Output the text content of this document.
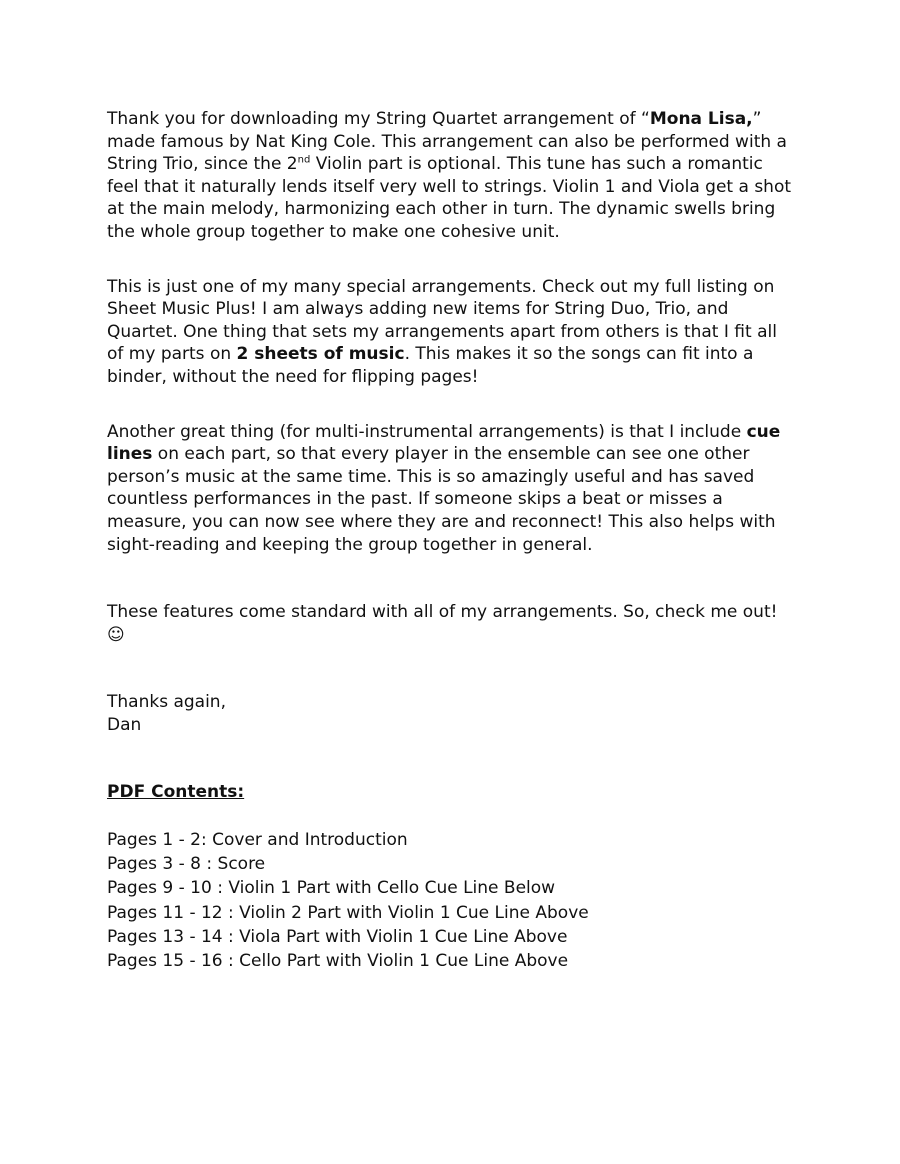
Thank you for downloading my String Quartet arrangement of “Mona Lisa,” made famous by Nat King Cole. This arrangement can also be performed with a String Trio, since the 2nd Violin part is optional. This tune has such a romantic feel that it naturally lends itself very well to strings. Violin 1 and Viola get a shot at the main melody, harmonizing each other in turn. The dynamic swells bring the whole group together to make one cohesive unit.

This is just one of my many special arrangements. Check out my full listing on Sheet Music Plus! I am always adding new items for String Duo, Trio, and Quartet. One thing that sets my arrangements apart from others is that I fit all of my parts on 2 sheets of music. This makes it so the songs can fit into a binder, without the need for flipping pages!

Another great thing (for multi-instrumental arrangements) is that I include cue lines on each part, so that every player in the ensemble can see one other person’s music at the same time. This is so amazingly useful and has saved countless performances in the past. If someone skips a beat or misses a measure, you can now see where they are and reconnect! This also helps with sight-reading and keeping the group together in general.

These features come standard with all of my arrangements. So, check me out! ☺

Thanks again,

Dan

PDF Contents:

Pages 1 - 2: Cover and Introduction
Pages 3 - 8 : Score
Pages 9 - 10 : Violin 1 Part with Cello Cue Line Below
Pages 11 - 12 : Violin 2 Part with Violin 1 Cue Line Above
Pages 13 - 14 : Viola Part with Violin 1 Cue Line Above
Pages 15 - 16 : Cello Part with Violin 1 Cue Line Above
